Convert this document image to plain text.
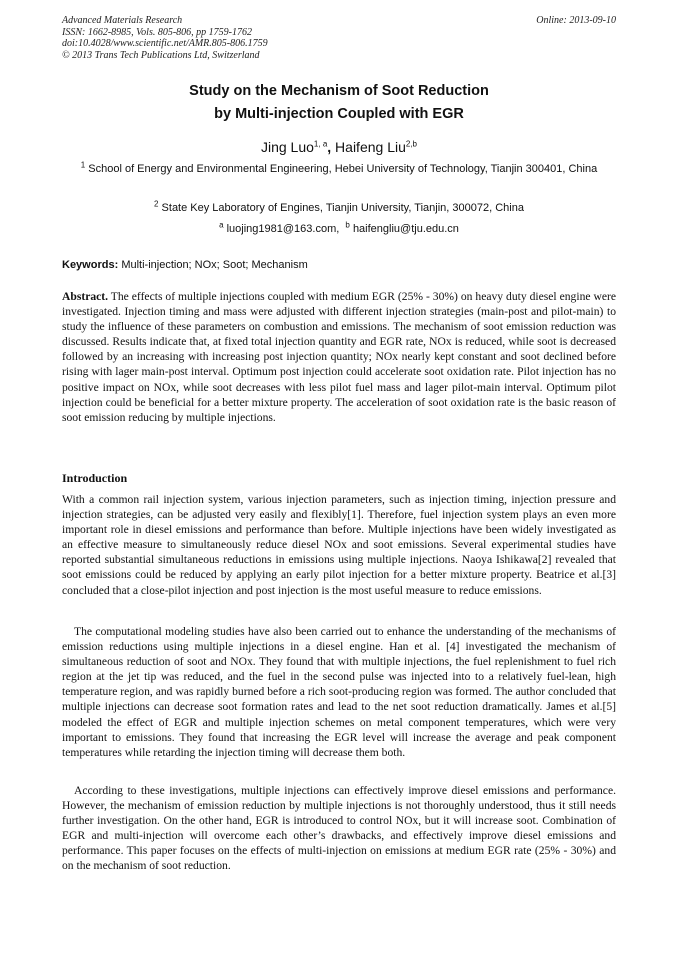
Advanced Materials Research
ISSN: 1662-8985, Vols. 805-806, pp 1759-1762
doi:10.4028/www.scientific.net/AMR.805-806.1759
© 2013 Trans Tech Publications Ltd, Switzerland
Online: 2013-09-10
Study on the Mechanism of Soot Reduction
by Multi-injection Coupled with EGR
Jing Luo$^{1, a}$, Haifeng Liu$^{2,b}$
$^1$ School of Energy and Environmental Engineering, Hebei University of Technology, Tianjin 300401, China
$^2$ State Key Laboratory of Engines, Tianjin University, Tianjin, 300072, China
$^a$ luojing1981@163.com, $^b$ haifengliu@tju.edu.cn
Keywords: Multi-injection; NOx; Soot; Mechanism
Abstract. The effects of multiple injections coupled with medium EGR (25% - 30%) on heavy duty diesel engine were investigated. Injection timing and mass were adjusted with different injection strategies (main-post and pilot-main) to study the influence of these parameters on combustion and emissions. The mechanism of soot emission reduction was discussed. Results indicate that, at fixed total injection quantity and EGR rate, NOx is reduced, while soot is decreased followed by an increasing with increasing post injection quantity; NOx nearly kept constant and soot declined before rising with lager main-post interval. Optimum post injection could accelerate soot oxidation rate. Pilot injection has no positive impact on NOx, while soot decreases with less pilot fuel mass and lager pilot-main interval. Optimum pilot injection could be beneficial for a better mixture property. The acceleration of soot oxidation rate is the basic reason of soot emission reducing by multiple injections.
Introduction

With a common rail injection system, various injection parameters, such as injection timing, injection pressure and injection strategies, can be adjusted very easily and flexibly[1]. Therefore, fuel injection system plays an even more important role in diesel emissions and performance than before. Multiple injections have been widely investigated as an effective measure to simultaneously reduce diesel NOx and soot emissions. Several experimental studies have reported substantial simultaneous reductions in emissions using multiple injections. Naoya Ishikawa[2] revealed that soot emissions could be reduced by applying an early pilot injection for a better mixture property. Beatrice et al.[3] concluded that a close-pilot injection and post injection is the most useful measure to reduce emissions.

The computational modeling studies have also been carried out to enhance the understanding of the mechanisms of emission reductions using multiple injections in a diesel engine. Han et al. [4] investigated the mechanism of simultaneous reduction of soot and NOx. They found that with multiple injections, the fuel replenishment to fuel rich region at the jet tip was reduced, and the fuel in the second pulse was injected into to a relatively fuel-lean, high temperature region, and was rapidly burned before a rich soot-producing region was formed. The author concluded that multiple injections can decrease soot formation rates and lead to the net soot reduction dramatically. James et al.[5] modeled the effect of EGR and multiple injection schemes on metal component temperatures, which were very important to emissions. They found that increasing the EGR level will increase the average and peak component temperatures while retarding the injection timing will decrease them both.

According to these investigations, multiple injections can effectively improve diesel emissions and performance. However, the mechanism of emission reduction by multiple injections is not thoroughly understood, thus it still needs further investigation. On the other hand, EGR is introduced to control NOx, but it will increase soot. Combination of EGR and multi-injection will overcome each other’s drawbacks, and effectively improve diesel emissions and performance. This paper focuses on the effects of multi-injection on emissions at medium EGR rate (25% - 30%) and on the mechanism of soot reduction.
